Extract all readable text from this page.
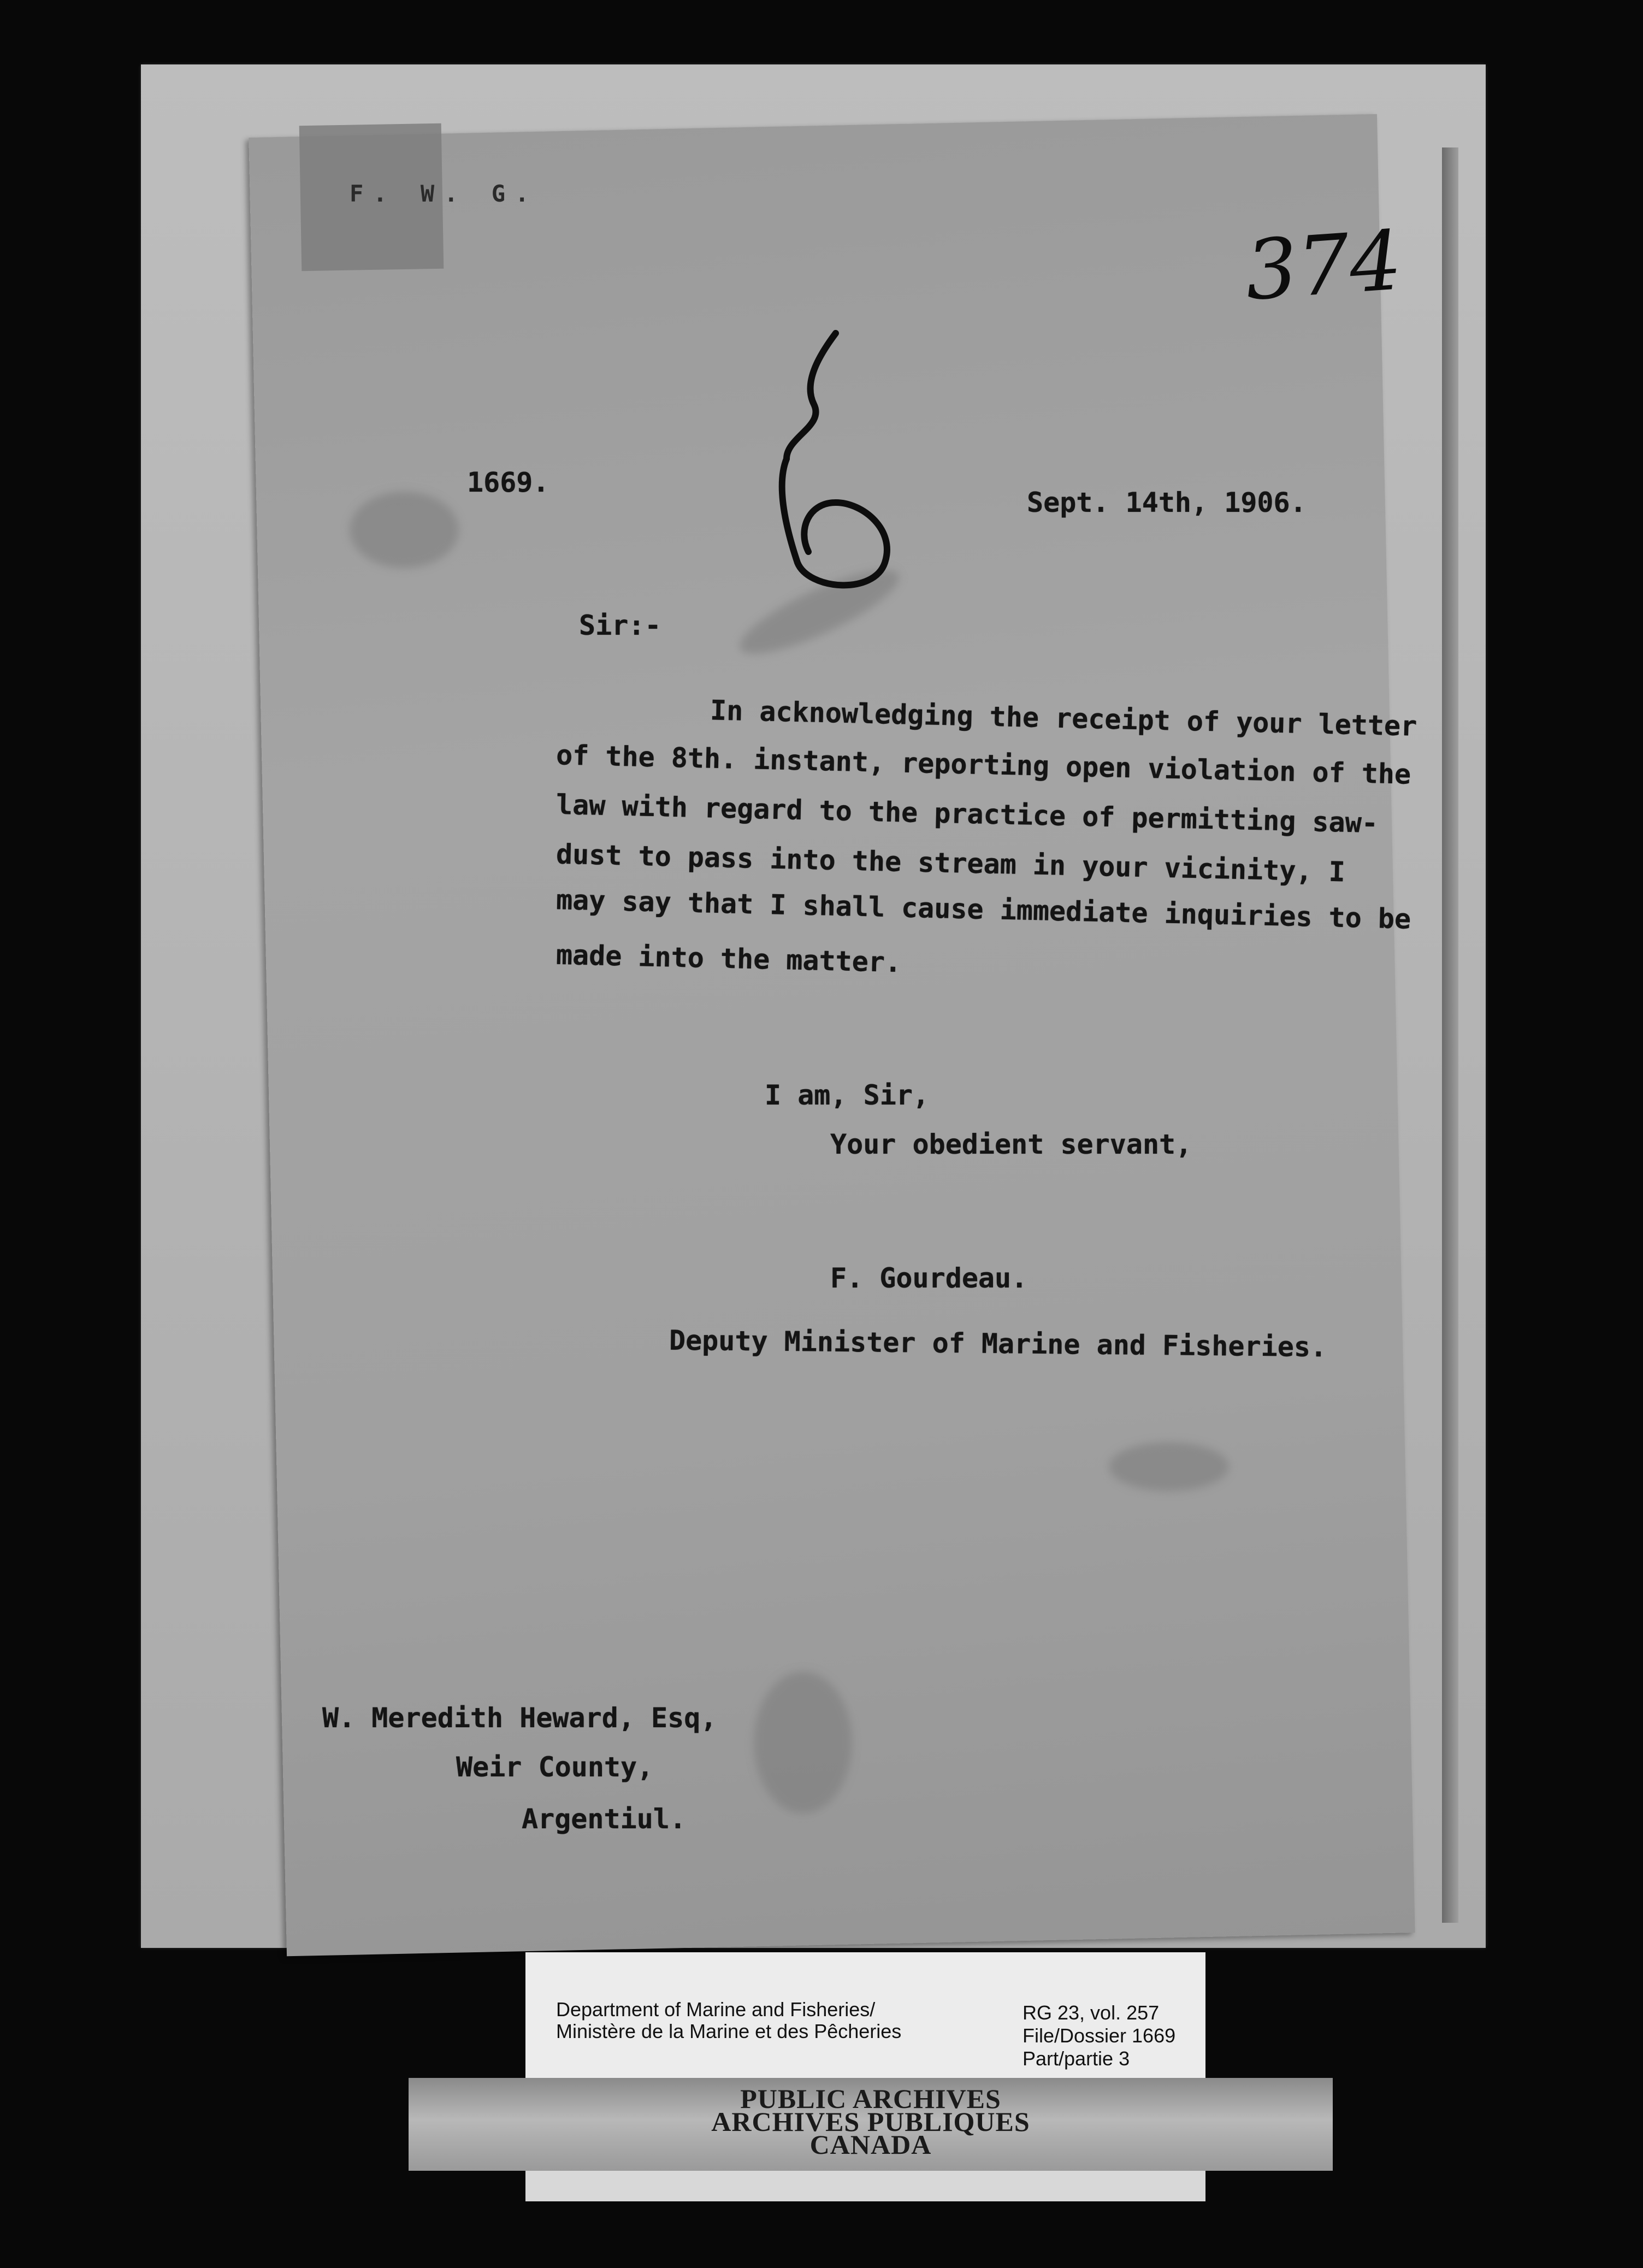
F. W. G.
374
1669.
Sept. 14th, 1906.
Sir:-
In acknowledging the receipt of your letter
of the 8th. instant, reporting open violation of the
law with regard to the practice of permitting saw-
dust to pass into the stream in your vicinity, I
may say that I shall cause immediate inquiries to be
made into the matter.
I am, Sir,
Your obedient servant,
F. Gourdeau.
Deputy Minister of Marine and Fisheries.
W. Meredith Heward, Esq,
Weir County,
Argentiul.
Department of Marine and Fisheries/
Ministère de la Marine et des Pêcheries
RG 23, vol. 257
File/Dossier 1669
Part/partie 3
PUBLIC ARCHIVES
ARCHIVES PUBLIQUES
CANADA
